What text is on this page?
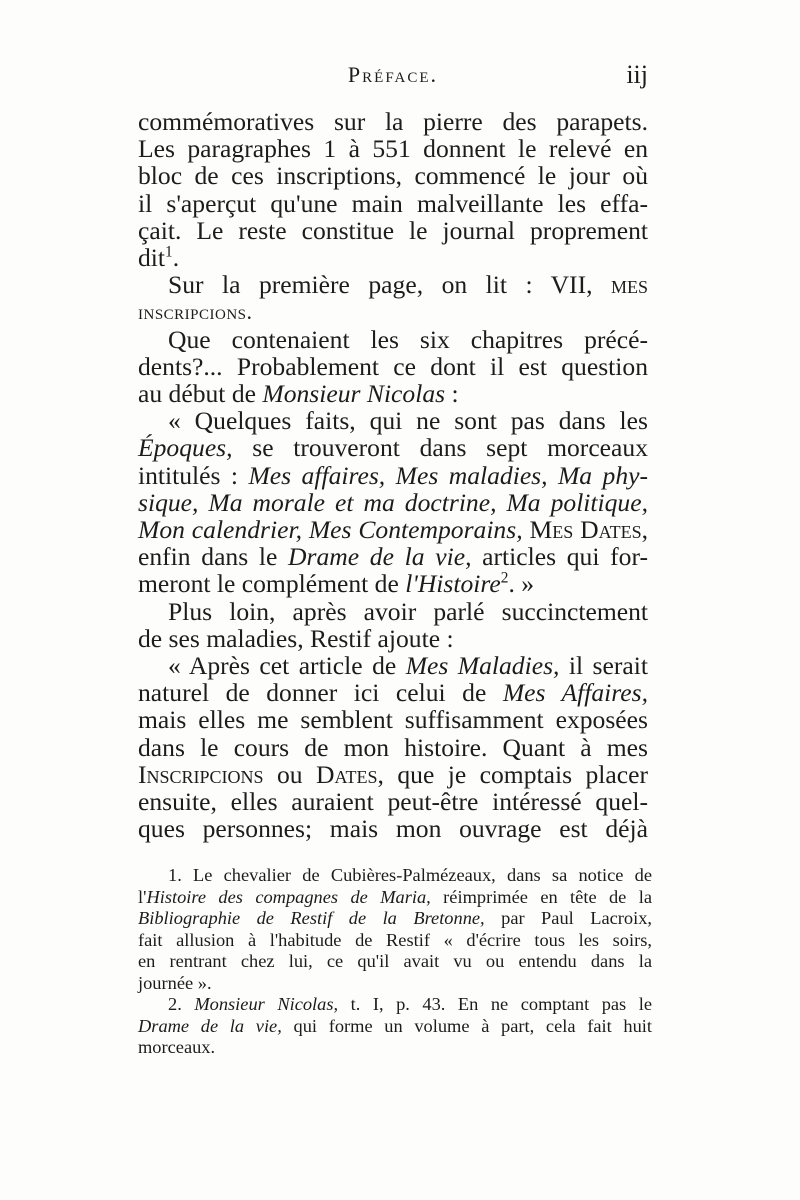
Préface.	iij
commémoratives sur la pierre des parapets.
Les paragraphes 1 à 551 donnent le relevé en
bloc de ces inscriptions, commencé le jour où
il s'aperçut qu'une main malveillante les effa-
çait. Le reste constitue le journal proprement
dit$^1$.
Sur la première page, on lit : VII, mes
inscripcions.
Que contenaient les six chapitres précé-
dents?... Probablement ce dont il est question
au début de Monsieur Nicolas :
« Quelques faits, qui ne sont pas dans les
Époques, se trouveront dans sept morceaux
intitulés : Mes affaires, Mes maladies, Ma phy-
sique, Ma morale et ma doctrine, Ma politique,
Mon calendrier, Mes Contemporains, Mes Dates,
enfin dans le Drame de la vie, articles qui for-
meront le complément de l'Histoire$^2$. »
Plus loin, après avoir parlé succinctement
de ses maladies, Restif ajoute :
« Après cet article de Mes Maladies, il serait
naturel de donner ici celui de Mes Affaires,
mais elles me semblent suffisamment exposées
dans le cours de mon histoire. Quant à mes
Inscripcions ou Dates, que je comptais placer
ensuite, elles auraient peut-être intéressé quel-
ques personnes; mais mon ouvrage est déjà
1. Le chevalier de Cubières-Palmézeaux, dans sa notice de
l'Histoire des compagnes de Maria, réimprimée en tête de la
Bibliographie de Restif de la Bretonne, par Paul Lacroix,
fait allusion à l'habitude de Restif « d'écrire tous les soirs,
en rentrant chez lui, ce qu'il avait vu ou entendu dans la
journée ».
2. Monsieur Nicolas, t. I, p. 43. En ne comptant pas le
Drame de la vie, qui forme un volume à part, cela fait huit
morceaux.
